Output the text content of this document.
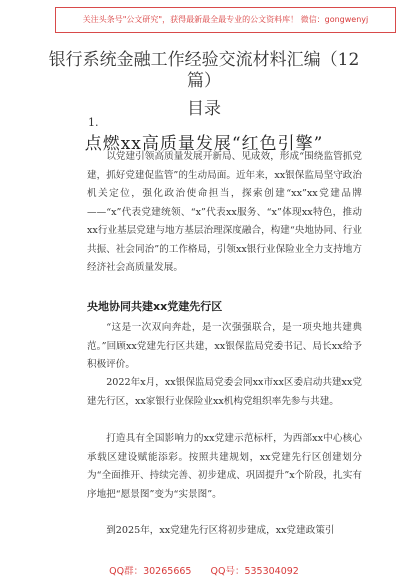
关注头条号"公文研究"，获得最新最全最专业的公文资料库！ 微信：gongwenyj
银行系统金融工作经验交流材料汇编（12篇）
目录
1.
点燃xx高质量发展“红色引擎”

以党建引领高质量发展开新局、见成效，形成“围绕监管抓党建，抓好党建促监管”的生动局面。近年来，xx银保监局坚守政治机关定位，强化政治使命担当，探索创建“xx”xx党建品牌——“x”代表党建统领、“x”代表xx服务、“x”体现xx特色，推动xx行业基层党建与地方基层治理深度融合，构建“央地协同、行业共振、社会同治”的工作格局，引领xx银行业保险业全力支持地方经济社会高质量发展。

央地协同共建xx党建先行区

“这是一次双向奔赴，是一次强强联合，是一项央地共建典范。”回顾xx党建先行区共建，xx银保监局党委书记、局长xx给予积极评价。

2022年x月，xx银保监局党委会同xx市xx区委启动共建xx党建先行区，xx家银行业保险业xx机构党组织率先参与共建。

打造具有全国影响力的xx党建示范标杆，为西部xx中心核心承载区建设赋能添彩。按照共建规划，xx党建先行区创建划分为“全面推开、持续完善、初步建成、巩固提升”x个阶段，扎实有序地把“愿景图”变为“实景图”。

到2025年，xx党建先行区将初步建成，xx党建政策引

QQ群：30265665 QQ号：535304092
